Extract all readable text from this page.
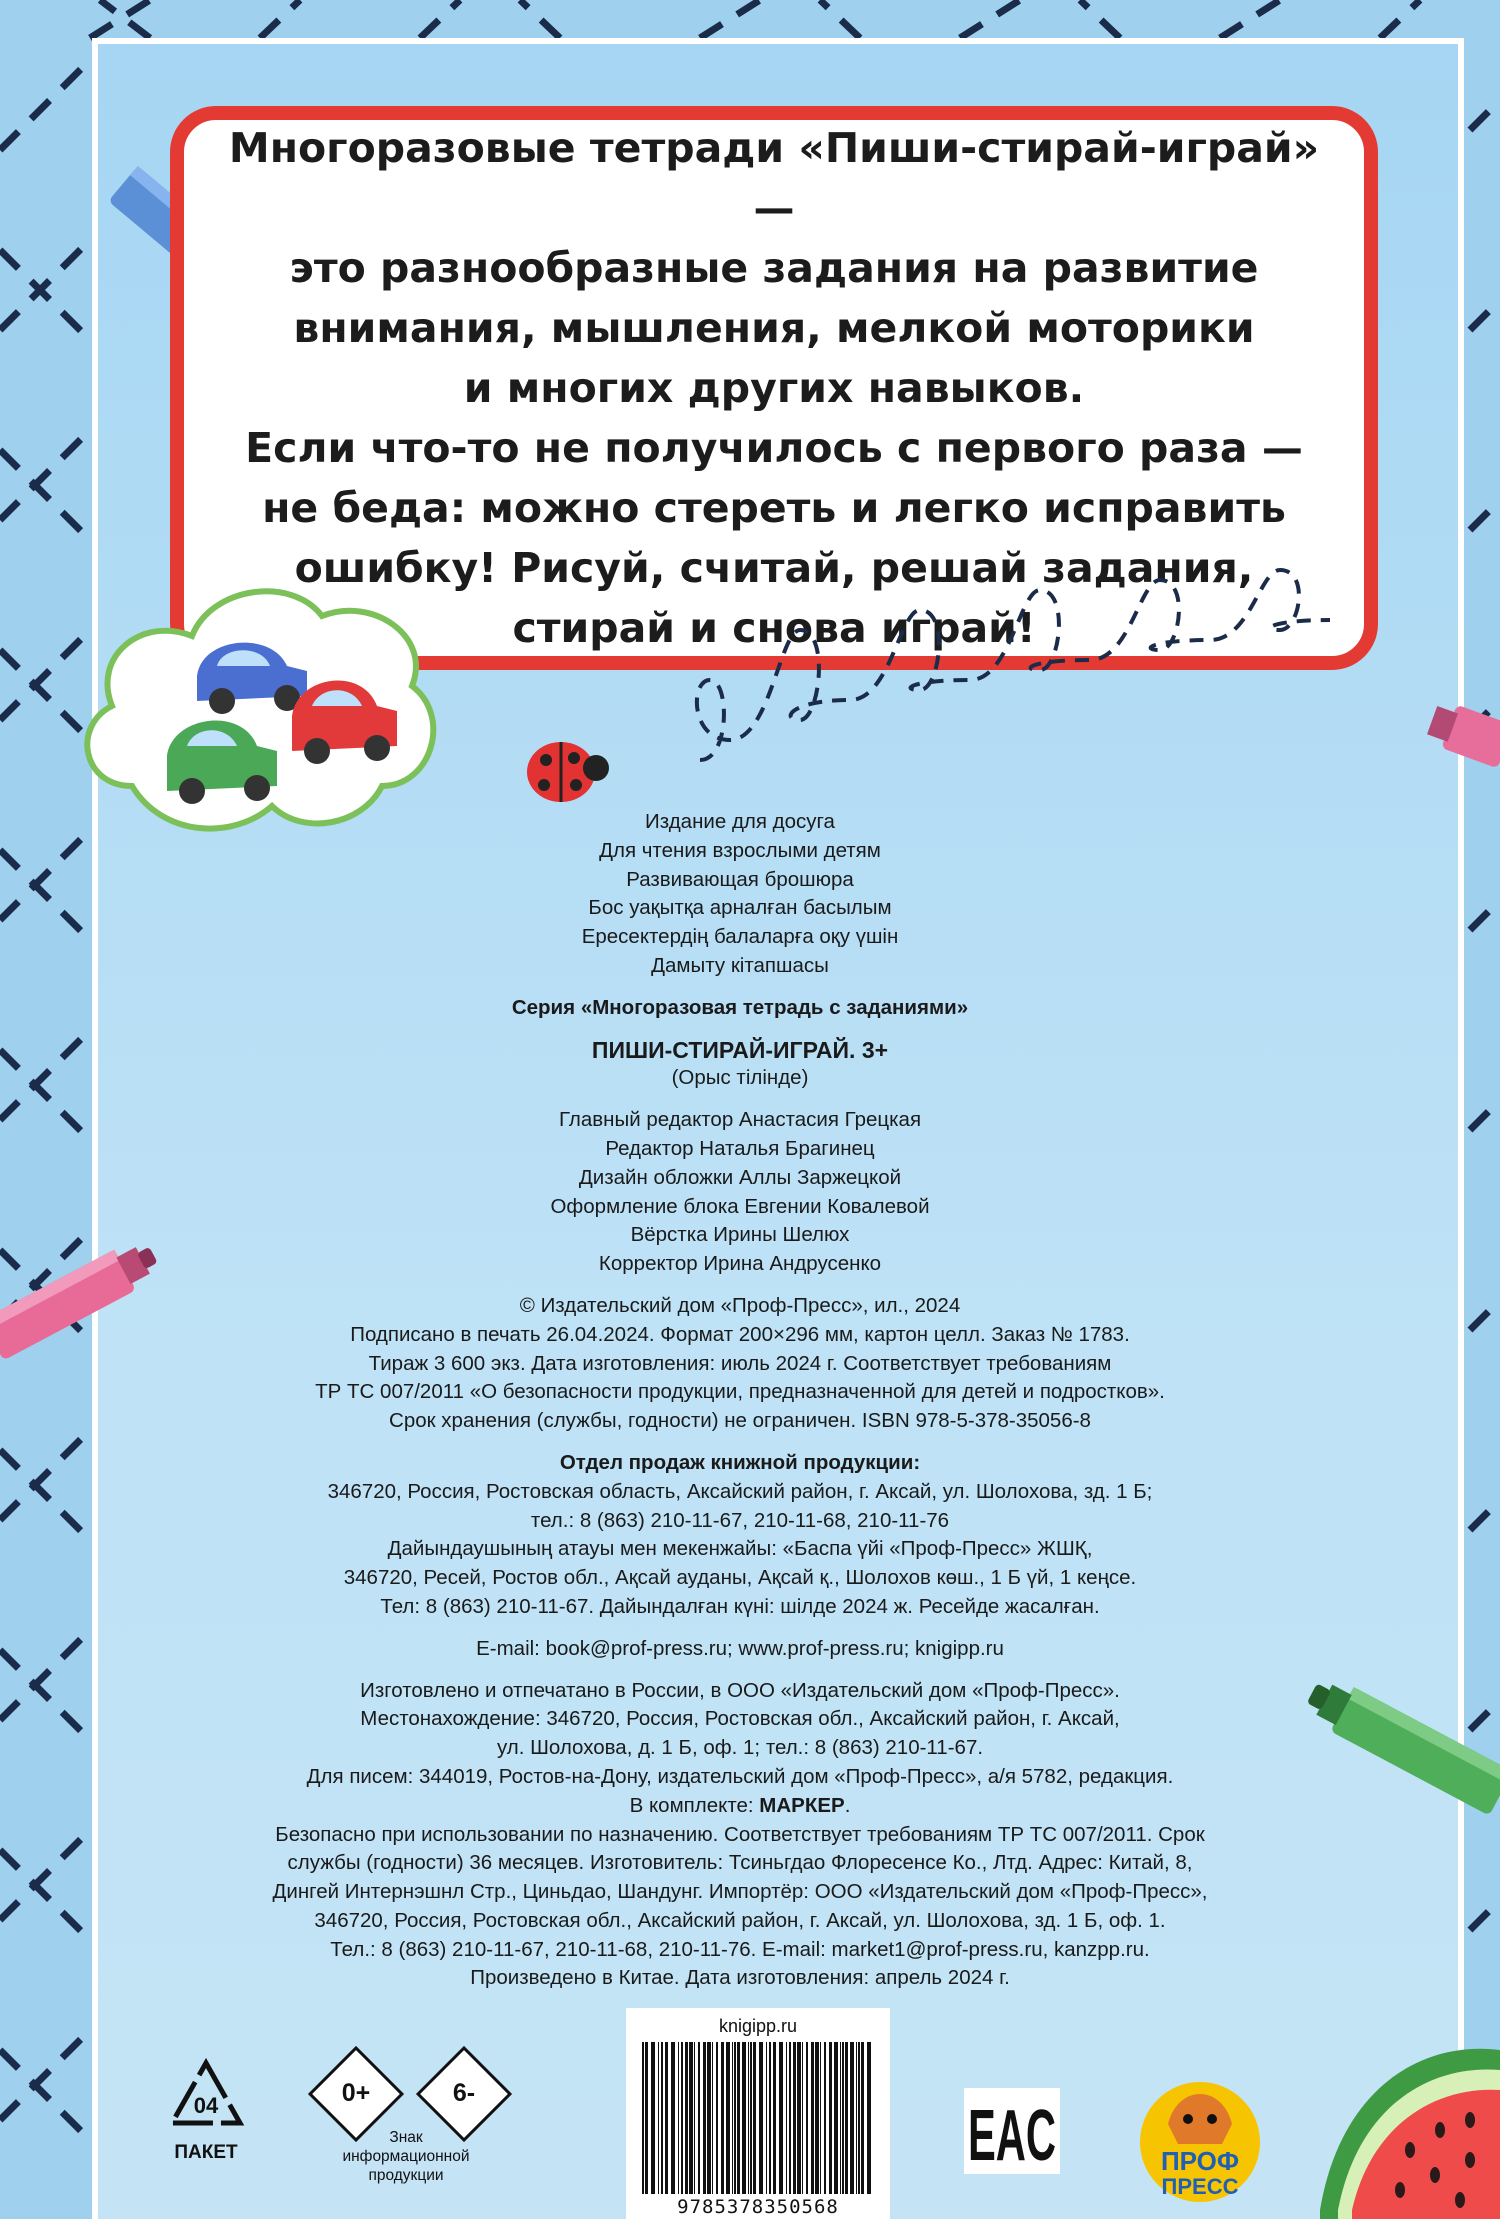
Многоразовые тетради «Пиши-стирай-играй» —

это разнообразные задания на развитие

внимания, мышления, мелкой моторики

и многих других навыков.

Если что-то не получилось с первого раза —

не беда: можно стереть и легко исправить

ошибку! Рисуй, считай, решай задания,

стирай и снова играй!

Издание для досуга
Для чтения взрослыми детям
Развивающая брошюра
Бос уақытқа арналған басылым
Ересектердің балаларға оқу үшін
Дамыту кітапшасы
Серия «Многоразовая тетрадь с заданиями»
ПИШИ-СТИРАЙ-ИГРАЙ. 3+
(Орыс тілінде)
Главный редактор Анастасия Грецкая
Редактор Наталья Брагинец
Дизайн обложки Аллы Заржецкой
Оформление блока Евгении Ковалевой
Вёрстка Ирины Шелюх
Корректор Ирина Андрусенко
© Издательский дом «Проф-Пресс», ил., 2024
Подписано в печать 26.04.2024. Формат 200×296 мм, картон целл. Заказ № 1783.
Тираж 3 600 экз. Дата изготовления: июль 2024 г. Соответствует требованиям
ТР ТС 007/2011 «О безопасности продукции, предназначенной для детей и подростков».
Срок хранения (службы, годности) не ограничен. ISBN 978-5-378-35056-8
Отдел продаж книжной продукции:
346720, Россия, Ростовская область, Аксайский район, г. Аксай, ул. Шолохова, зд. 1 Б;
тел.: 8 (863) 210-11-67, 210-11-68, 210-11-76
Дайындаушының атауы мен мекенжайы: «Баспа үйі «Проф-Пресс» ЖШҚ,
346720, Ресей, Ростов обл., Ақсай ауданы, Ақсай қ., Шолохов көш., 1 Б үй, 1 кеңсе.
Тел: 8 (863) 210-11-67. Дайындалған күні: шілде 2024 ж. Ресейде жасалған.
E-mail: book@prof-press.ru; www.prof-press.ru; knigipp.ru
Изготовлено и отпечатано в России, в ООО «Издательский дом «Проф-Пресс».
Местонахождение: 346720, Россия, Ростовская обл., Аксайский район, г. Аксай,
ул. Шолохова, д. 1 Б, оф. 1; тел.: 8 (863) 210-11-67.
Для писем: 344019, Ростов-на-Дону, издательский дом «Проф-Пресс», а/я 5782, редакция.
В комплекте: МАРКЕР.
Безопасно при использовании по назначению. Соответствует требованиям ТР ТС 007/2011. Срок
службы (годности) 36 месяцев. Изготовитель: Тсиньгдао Флоресенсе Ко., Лтд. Адрес: Китай, 8,
Дингей Интернэшнл Стр., Циньдао, Шандунг. Импортёр: ООО «Издательский дом «Проф-Пресс»,
346720, Россия, Ростовская обл., Аксайский район, г. Аксай, ул. Шолохова, зд. 1 Б, оф. 1.
Тел.: 8 (863) 210-11-67, 210-11-68, 210-11-76. E-mail: market1@prof-press.ru, kanzpp.ru.
Произведено в Китае. Дата изготовления: апрель 2024 г.
04
ПАКЕТ
0+	6-
Знак
информационной
продукции
knigipp.ru
9785378350568
EAC	ПРОФ
ПРЕСС
